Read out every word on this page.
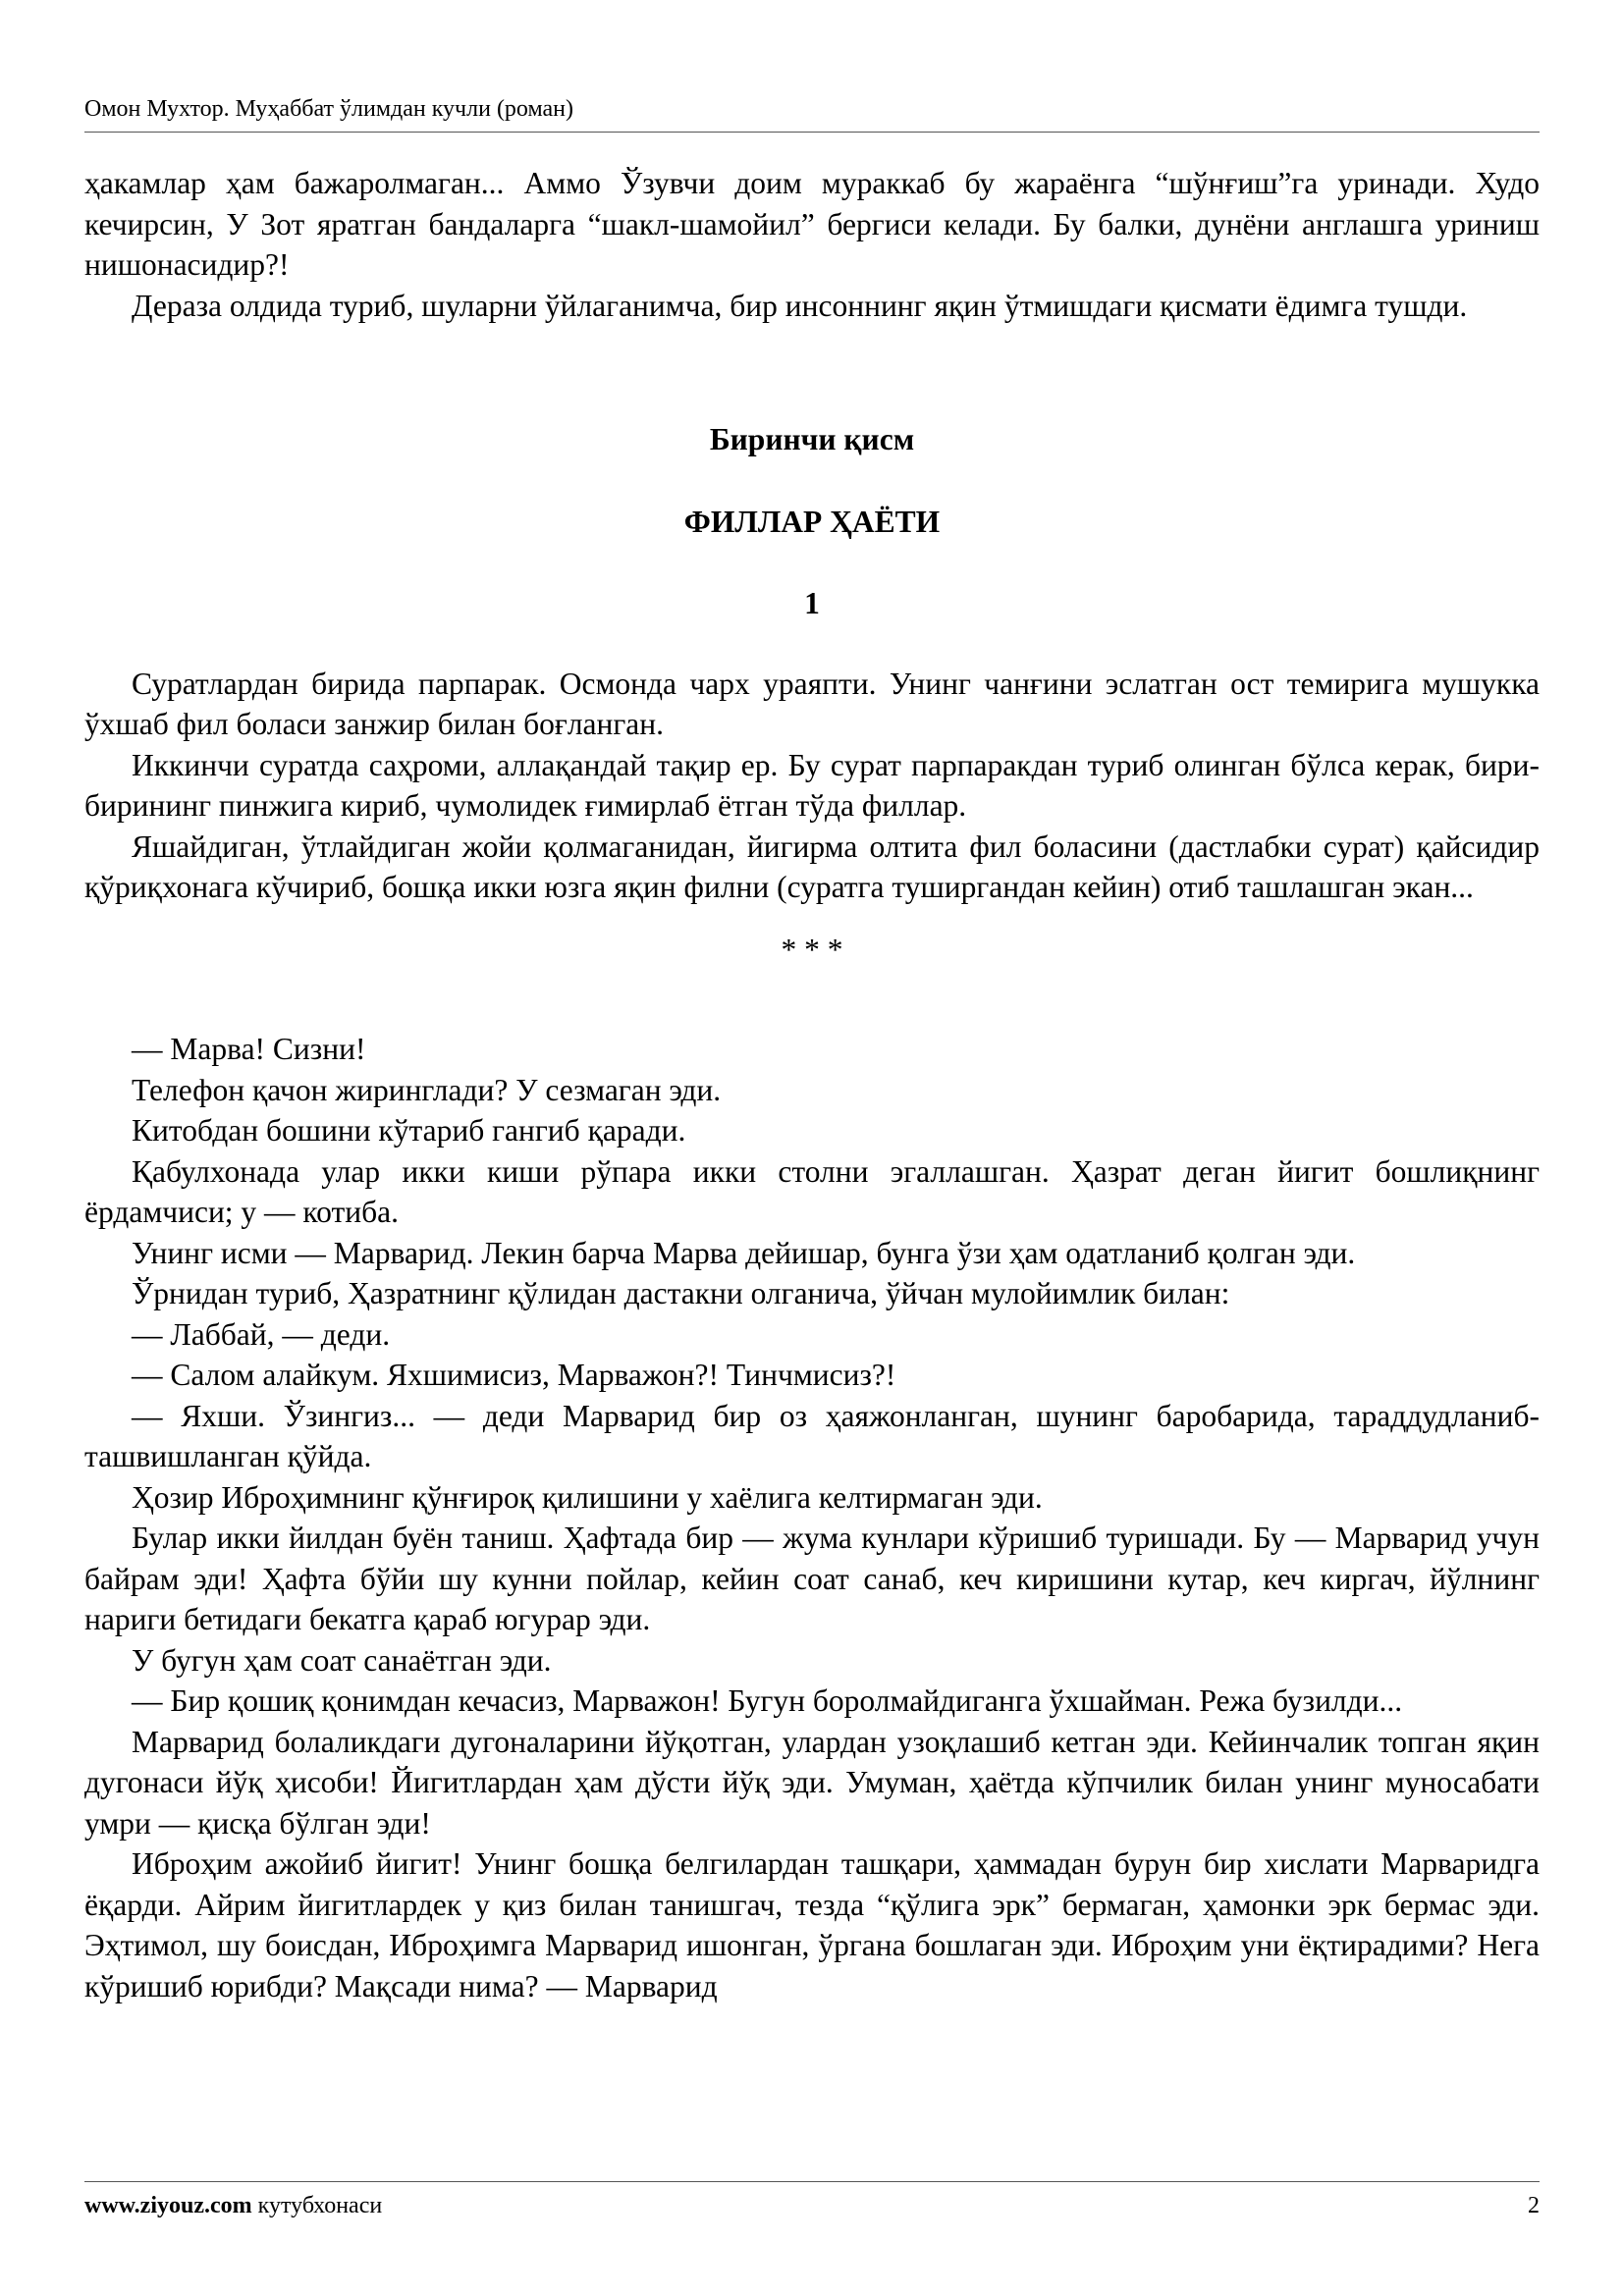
Омон Мухтор. Муҳаббат ўлимдан кучли (роман)

ҳакамлар ҳам бажаролмаган... Аммо Ўзувчи доим мураккаб бу жараёнга “шўнғиш”га уринади. Худо кечирсин, У Зот яратган бандаларга “шакл-шамойил” бергиси келади. Бу балки, дунёни англашга уриниш нишонасидир?!

Дераза олдида туриб, шуларни ўйлаганимча, бир инсоннинг яқин ўтмишдаги қисмати ёдимга тушди.

Биринчи қисм

ФИЛЛАР ҲАЁТИ

1

Суратлардан бирида парпарак. Осмонда чарх ураяпти. Унинг чанғини эслатган ост темирига мушукка ўхшаб фил боласи занжир билан боғланган.

Иккинчи суратда саҳроми, аллақандай тақир ер. Бу сурат парпаракдан туриб олинган бўлса керак, бири-бирининг пинжига кириб, чумолидек ғимирлаб ётган тўда филлар.

Яшайдиган, ўтлайдиган жойи қолмаганидан, йигирма олтита фил боласини (дастлабки сурат) қайсидир қўриқхонага кўчириб, бошқа икки юзга яқин филни (суратга туширгандан кейин) отиб ташлашган экан...

* * *

— Марва! Сизни!

Телефон қачон жиринглади? У сезмаган эди.

Китобдан бошини кўтариб гангиб қаради.

Қабулхонада улар икки киши рўпара икки столни эгаллашган. Ҳазрат деган йигит бошлиқнинг ёрдамчиси; у — котиба.

Унинг исми — Марварид. Лекин барча Марва дейишар, бунга ўзи ҳам одатланиб қолган эди.

Ўрнидан туриб, Ҳазратнинг қўлидан дастакни олганича, ўйчан мулойимлик билан:

— Лаббай, — деди.

— Салом алайкум. Яхшимисиз, Марважон?! Тинчмисиз?!

— Яхши. Ўзингиз... — деди Марварид бир оз ҳаяжонланган, шунинг баробарида, тараддудланиб-ташвишланган қўйда.

Ҳозир Иброҳимнинг қўнғироқ қилишини у хаёлига келтирмаган эди.

Булар икки йилдан буён таниш. Ҳафтада бир — жума кунлари кўришиб туришади. Бу — Марварид учун байрам эди! Ҳафта бўйи шу кунни пойлар, кейин соат санаб, кеч киришини кутар, кеч киргач, йўлнинг нариги бетидаги бекатга қараб югурар эди.

У бугун ҳам соат санаётган эди.

— Бир қошиқ қонимдан кечасиз, Марважон! Бугун боролмайдиганга ўхшайман. Режа бузилди...

Марварид болаликдаги дугоналарини йўқотган, улардан узоқлашиб кетган эди. Кейинчалик топган яқин дугонаси йўқ ҳисоби! Йигитлардан ҳам дўсти йўқ эди. Умуман, ҳаётда кўпчилик билан унинг муносабати умри — қисқа бўлган эди!

Иброҳим ажойиб йигит! Унинг бошқа белгилардан ташқари, ҳаммадан бурун бир хислати Марваридга ёқарди. Айрим йигитлардек у қиз билан танишгач, тезда “қўлига эрк” бермаган, ҳамонки эрк бермас эди. Эҳтимол, шу боисдан, Иброҳимга Марварид ишонган, ўргана бошлаган эди. Иброҳим уни ёқтирадими? Нега кўришиб юрибди? Мақсади нима? — Марварид

www.ziyouz.com кутубхонаси	2
